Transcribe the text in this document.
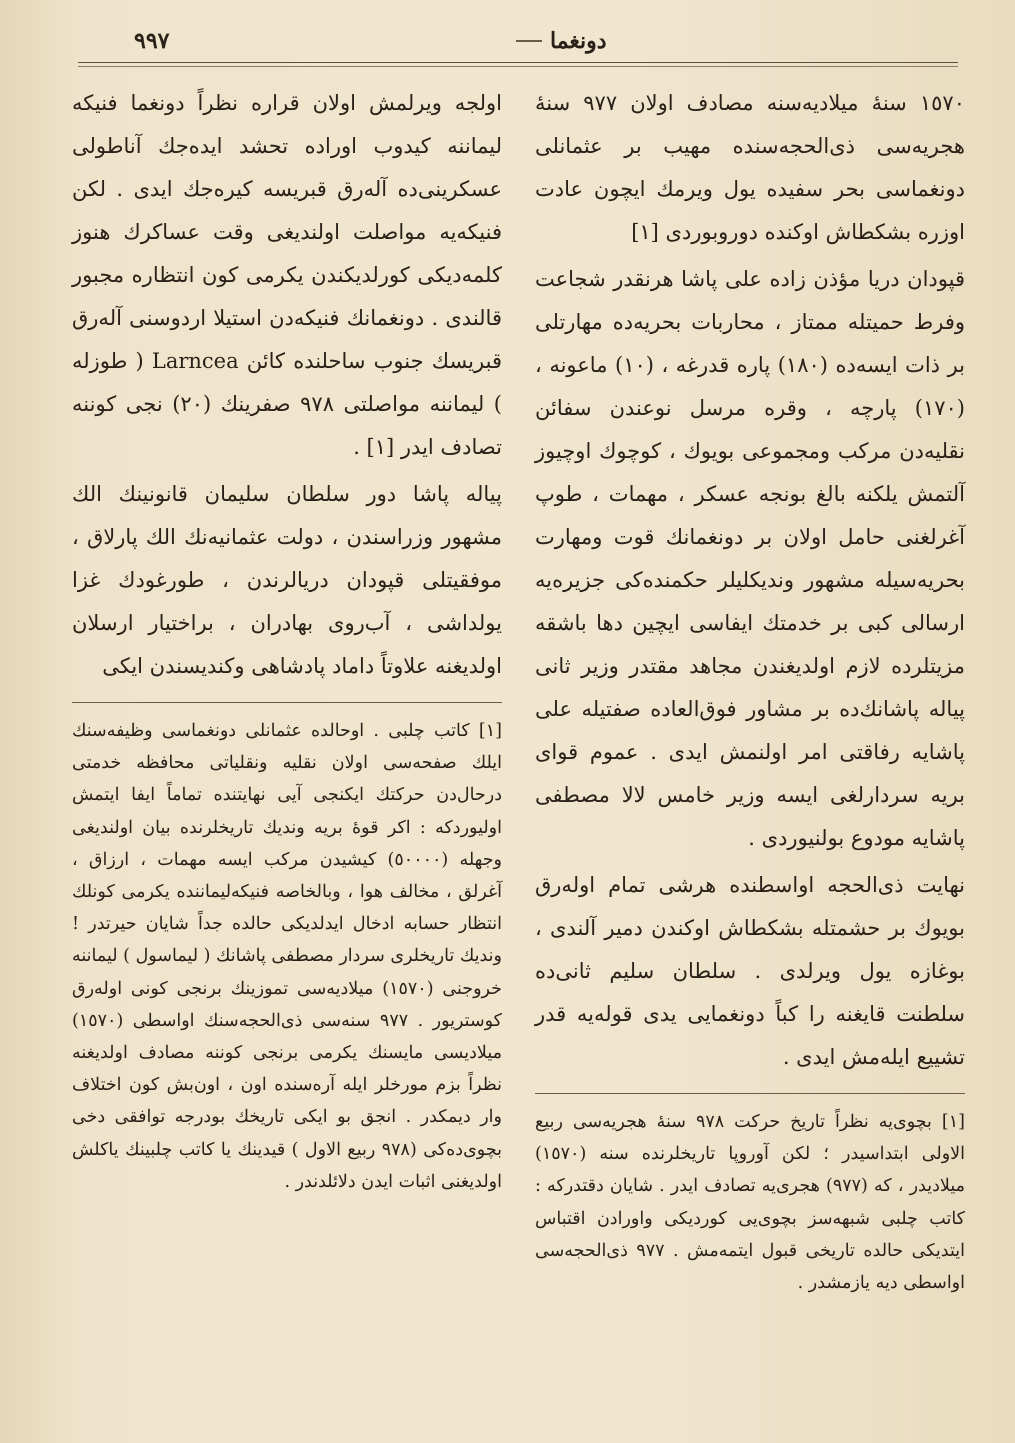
٩٩٧	دونغما

١٥٧٠ سنۀ میلادیه‌سنه مصادف اولان ٩٧٧ سنۀ هجریه‌سی ذی‌الحجه‌سنده مهیب بر عثمانلی دونغماسی بحر سفیده یول ویرمك ایچون عادت اوزره بشکطاش اوکنده دوروبوردی [١]

قپودان دریا مؤذن زاده علی پاشا هرنقدر شجاعت وفرط حمیتله ممتاز ، محاربات بحریه‌ده مهارتلی بر ذات ایسه‌ده (١٨٠) پاره قدرغه ، (١٠) ماعونه ، (١٧٠) پارچه ، وقره مرسل نوعندن سفائن نقلیه‌دن مرکب ومجموعی بویوك ، کوچوك اوچیوز آلتمش یلکنه بالغ بونجه عسکر ، مهمات ، طوپ آغرلغنی حامل اولان بر دونغمانك قوت ومهارت بحریه‌سیله مشهور ونديكلیلر حکمنده‌کی جزیره‌یه ارسالی کبی بر خدمتك ایفاسی ایچین دها باشقه مزیتلرده لازم اولدیغندن مجاهد مقتدر وزیر ثانی پیاله پاشانك‌ده بر مشاور فوق‌العاده صفتیله علی پاشایه رفاقتی امر اولنمش ایدی . عموم قوای بریه سردارلغی ایسه وزیر خامس لالا مصطفی پاشایه مودوع بولنیوردی .

نهایت ذی‌الحجه اواسطنده هرشی تمام اوله‌رق بویوك بر حشمتله بشکطاش اوکندن دمیر آلندی ، بوغازه یول ویرلدی . سلطان سلیم ثانی‌ده سلطنت قایغنه را کباً دونغمایی یدی قوله‌یه قدر تشییع ایله‌مش ایدی .

[١] بچوی‌یه نظراً تاریخ حرکت ٩٧٨ سنۀ هجریه‌سی ربیع الاولی ابتداسیدر ؛ لکن آوروپا تاریخلرنده سنه (١٥٧٠) میلادیدر ، که (٩٧٧) هجری‌یه تصادف ایدر . شایان دقتدرکه : کاتب چلبی شبهه‌سز بچوی‌یی کوردیکی واورادن اقتباس ایتدیکی حالده تاریخی قبول ایتمه‌مش . ٩٧٧ ذی‌الحجه‌سی اواسطی دیه یازمشدر .

اولجه ویرلمش اولان قراره نظراً دونغما فنیکه لیماننه کیدوب اوراده تحشد ایده‌جك آناطولی عسکرینی‌ده آله‌رق قبریسه کیره‌جك ایدی . لکن فنیکه‌یه مواصلت اولندیغی وقت عساکرك هنوز کلمه‌دیکی کورلدیکندن یکرمی کون انتظاره مجبور قالندی . دونغمانك فنیکه‌دن استیلا اردوسنی آله‌رق قبریسك جنوب ساحلنده کائن Larncea ( طوزله ) لیماننه مواصلتی ٩٧٨ صفرینك (٢٠) نجی کوننه تصادف ایدر [١] .

پیاله پاشا دور سلطان سلیمان قانونینك الك مشهور وزراسندن ، دولت عثمانیه‌نك الك پارلاق ، موفقیتلی قپودان دریالرندن ، طورغودك غزا یولداشی ، آب‌روی بهادران ، براختیار ارسلان اولدیغنه علاوتاً داماد پادشاهی وکندیسندن ایکی

[١] کاتب چلبی . اوحالده عثمانلی دونغماسی وظیفه‌سنك ایلك صفحه‌سی اولان نقلیه ونقلیاتی محافظه خدمتی درحال‌دن حرکتك ایکنجی آیی نهایتنده تماماً ایفا ایتمش اولیوردکه : اکر قوۀ بریه ونديك تاریخلرنده بیان اولندیغی وجهله (٥٠٠٠٠) کیشیدن مرکب ایسه مهمات ، ارزاق ، آغرلق ، مخالف هوا ، وبالخاصه فنیکه‌لیماننده یکرمی کونلك انتظار حسابه ادخال ایدلدیکی حالده جداً شایان حیرتدر ! ونديك تاریخلری سردار مصطفی پاشانك ( لیماسول ) لیماننه خروجنی (١٥٧٠) میلادیه‌سی تموزینك برنجی کونی اوله‌رق کوستریور . ٩٧٧ سنه‌سی ذی‌الحجه‌سنك اواسطی (١٥٧٠) میلادیسی مایسنك یکرمی برنجی کوننه مصادف اولدیغنه نظراً بزم مورخلر ایله آره‌سنده اون ، اون‌بش کون اختلاف وار دیمکدر . انجق بو ایکی تاریخك بودرجه توافقی دخی بچوی‌ده‌کی (٩٧٨ ربیع الاول ) قیدینك یا کاتب چلبینك یاکلش اولدیغنی اثبات ایدن دلائلدندر .
